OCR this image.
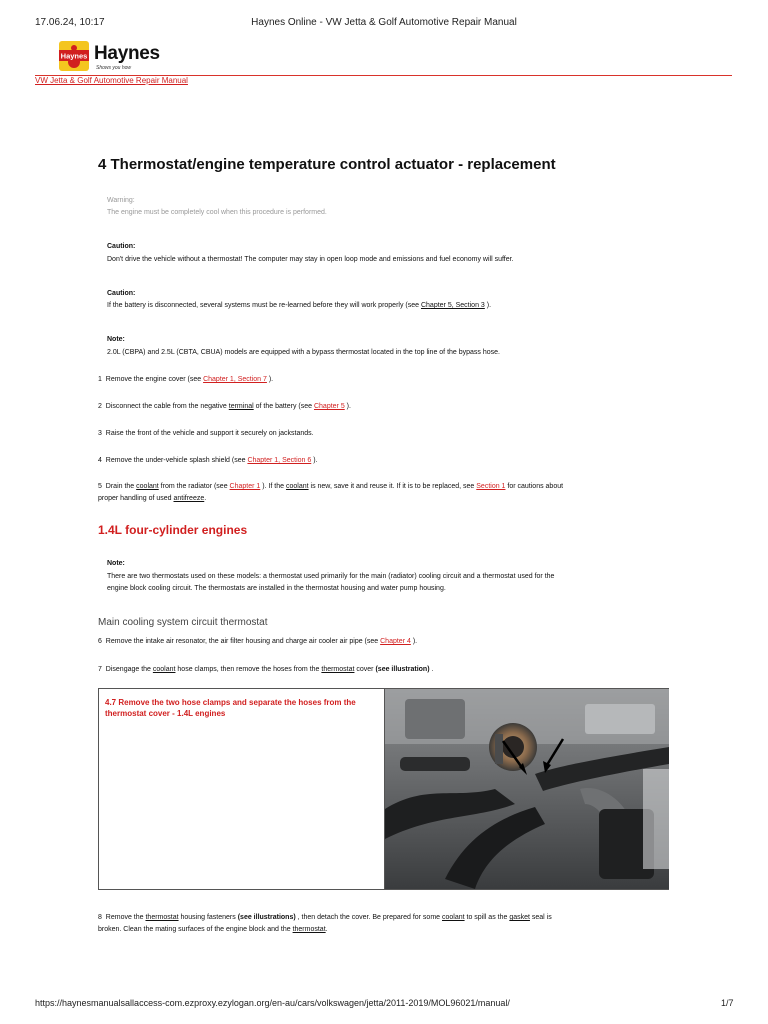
17.06.24, 10:17	Haynes Online - VW Jetta & Golf Automotive Repair Manual
Haynes Haynes
Shows you how
VW Jetta & Golf Automotive Repair Manual
4 Thermostat/engine temperature control actuator - replacement
Warning:
The engine must be completely cool when this procedure is performed.
Caution:
Don't drive the vehicle without a thermostat! The computer may stay in open loop mode and emissions and fuel economy will suffer.
Caution:
If the battery is disconnected, several systems must be re-learned before they will work properly (see Chapter 5, Section 3 ).
Note:
2.0L (CBPA) and 2.5L (CBTA, CBUA) models are equipped with a bypass thermostat located in the top line of the bypass hose.
1 Remove the engine cover (see Chapter 1, Section 7 ).
2 Disconnect the cable from the negative terminal of the battery (see Chapter 5 ).
3 Raise the front of the vehicle and support it securely on jackstands.
4 Remove the under-vehicle splash shield (see Chapter 1, Section 6 ).
5 Drain the coolant from the radiator (see Chapter 1 ). If the coolant is new, save it and reuse it. If it is to be replaced, see Section 1 for cautions about
proper handling of used antifreeze.
1.4L four-cylinder engines
Note:
There are two thermostats used on these models: a thermostat used primarily for the main (radiator) cooling circuit and a thermostat used for the
engine block cooling circuit. The thermostats are installed in the thermostat housing and water pump housing.
Main cooling system circuit thermostat
6 Remove the intake air resonator, the air filter housing and charge air cooler air pipe (see Chapter 4 ).
7 Disengage the coolant hose clamps, then remove the hoses from the thermostat cover (see illustration) .
4.7 Remove the two hose clamps and separate the hoses from the thermostat cover - 1.4L engines
8 Remove the thermostat housing fasteners (see illustrations) , then detach the cover. Be prepared for some coolant to spill as the gasket seal is
broken. Clean the mating surfaces of the engine block and the thermostat.
https://haynesmanualsallaccess-com.ezproxy.ezylogan.org/en-au/cars/volkswagen/jetta/2011-2019/MOL96021/manual/	1/7
